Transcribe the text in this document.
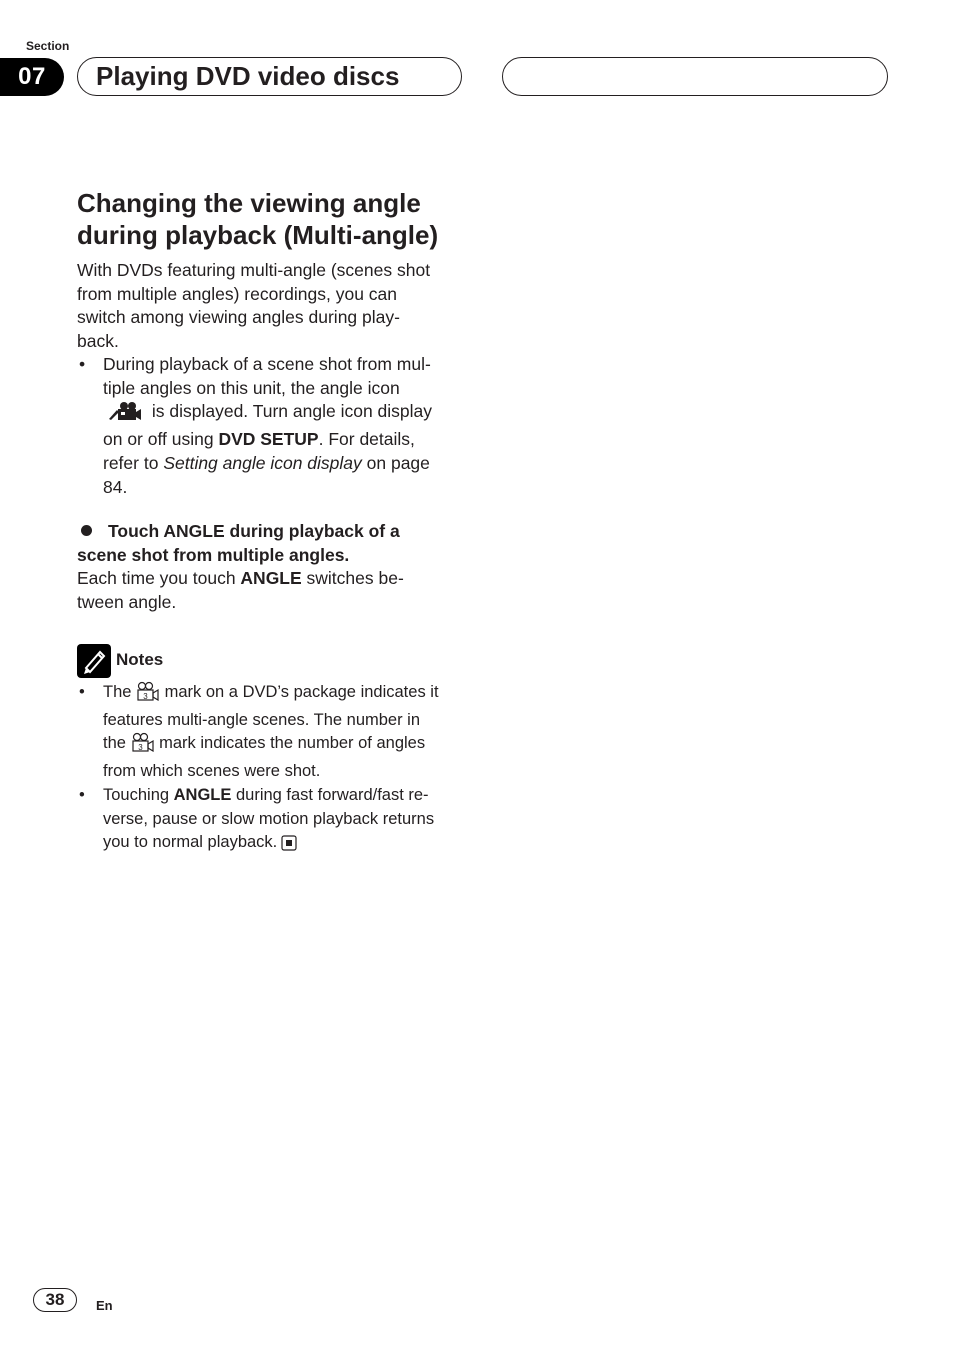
Section
07	Playing DVD video discs
Changing the viewing angle
during playback (Multi-angle)
With DVDs featuring multi-angle (scenes shot
from multiple angles) recordings, you can
switch among viewing angles during play-
back.
• During playback of a scene shot from mul-
tiple angles on this unit, the angle icon
is displayed. Turn angle icon display
on or off using DVD SETUP. For details,
refer to Setting angle icon display on page
84.
Touch ANGLE during playback of a
scene shot from multiple angles.
Each time you touch ANGLE switches be-
tween angle.
Notes
• The 3 mark on a DVD’s package indicates it
features multi-angle scenes. The number in
the 3 mark indicates the number of angles
from which scenes were shot.
• Touching ANGLE during fast forward/fast re-
verse, pause or slow motion playback returns
you to normal playback.
38	En
